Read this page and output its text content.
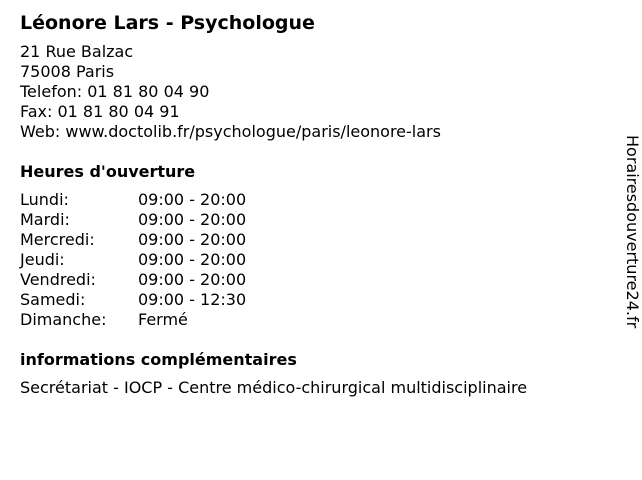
Léonore Lars - Psychologue
21 Rue Balzac
75008 Paris
Telefon: 01 81 80 04 90
Fax: 01 81 80 04 91
Web: www.doctolib.fr/psychologue/paris/leonore-lars
Heures d'ouverture
Lundi:	09:00 - 20:00
Mardi:	09:00 - 20:00
Mercredi:	09:00 - 20:00
Jeudi:	09:00 - 20:00
Vendredi:	09:00 - 20:00
Samedi:	09:00 - 12:30
Dimanche:	Fermé
informations complémentaires
Secrétariat - IOCP - Centre médico-chirurgical multidisciplinaire
Horairesdouverture24.fr
